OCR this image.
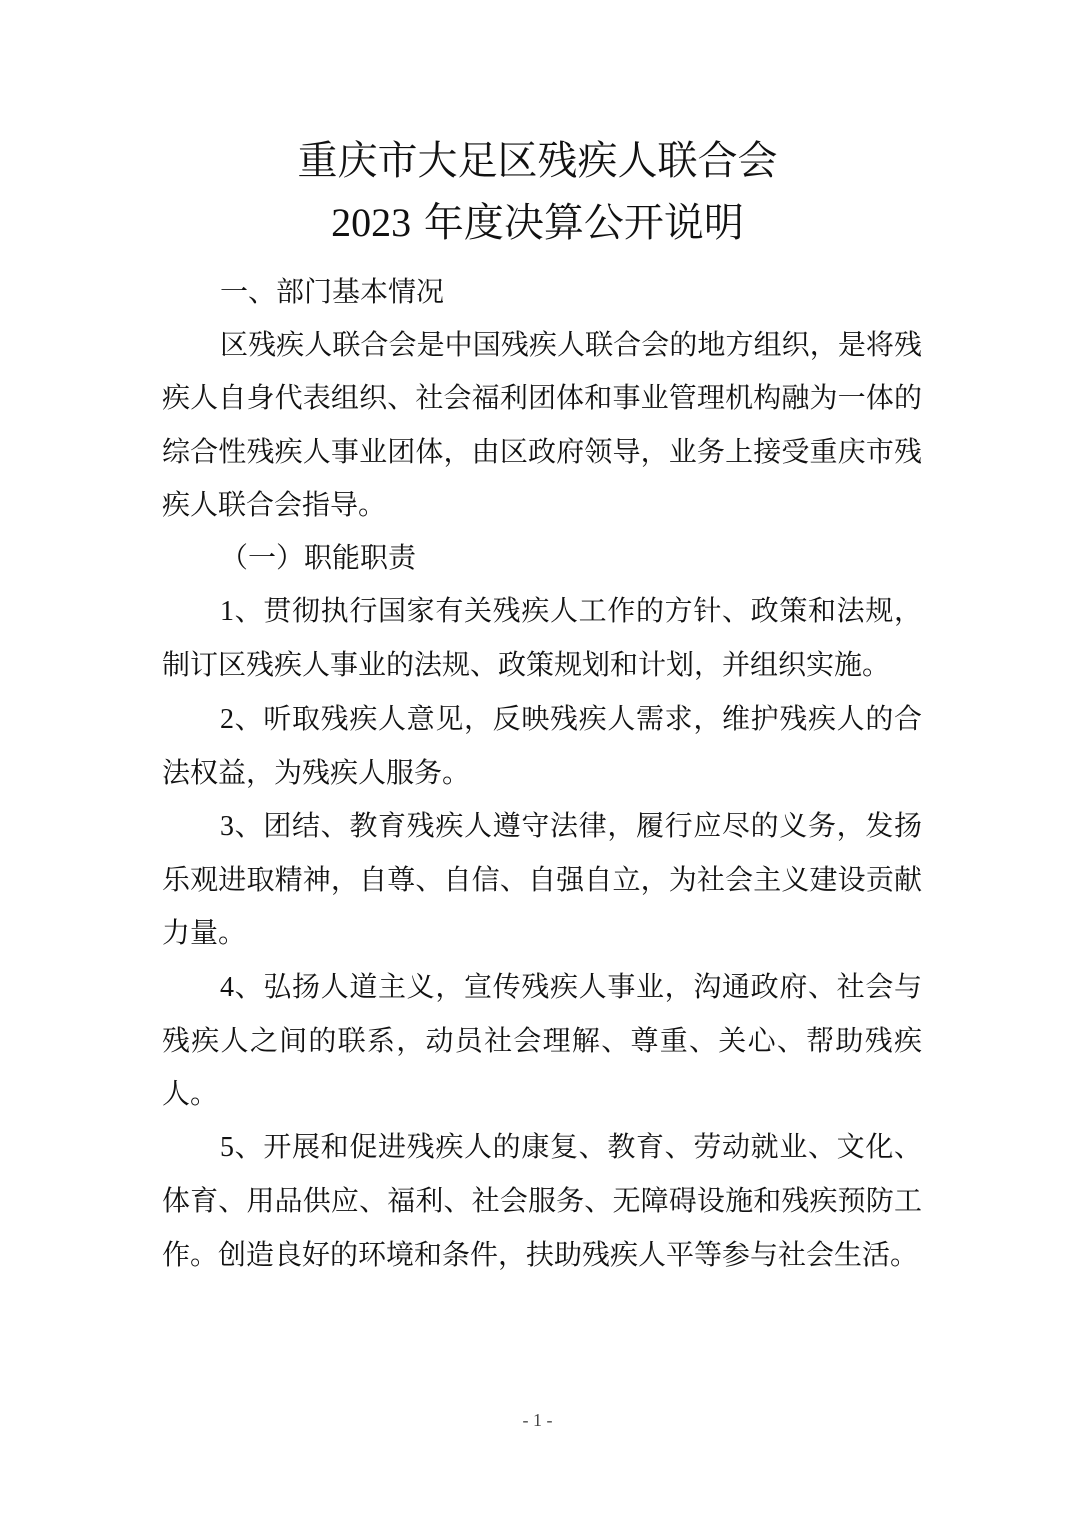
重庆市大足区残疾人联合会
2023 年度决算公开说明

一、部门基本情况

区残疾人联合会是中国残疾人联合会的地方组织，是将残疾人自身代表组织、社会福利团体和事业管理机构融为一体的综合性残疾人事业团体，由区政府领导，业务上接受重庆市残疾人联合会指导。

（一）职能职责

1、贯彻执行国家有关残疾人工作的方针、政策和法规，制订区残疾人事业的法规、政策规划和计划，并组织实施。

2、听取残疾人意见，反映残疾人需求，维护残疾人的合法权益，为残疾人服务。

3、团结、教育残疾人遵守法律，履行应尽的义务，发扬乐观进取精神，自尊、自信、自强自立，为社会主义建设贡献力量。

4、弘扬人道主义，宣传残疾人事业，沟通政府、社会与残疾人之间的联系，动员社会理解、尊重、关心、帮助残疾人。

5、开展和促进残疾人的康复、教育、劳动就业、文化、体育、用品供应、福利、社会服务、无障碍设施和残疾预防工作。创造良好的环境和条件，扶助残疾人平等参与社会生活。

- 1 -
